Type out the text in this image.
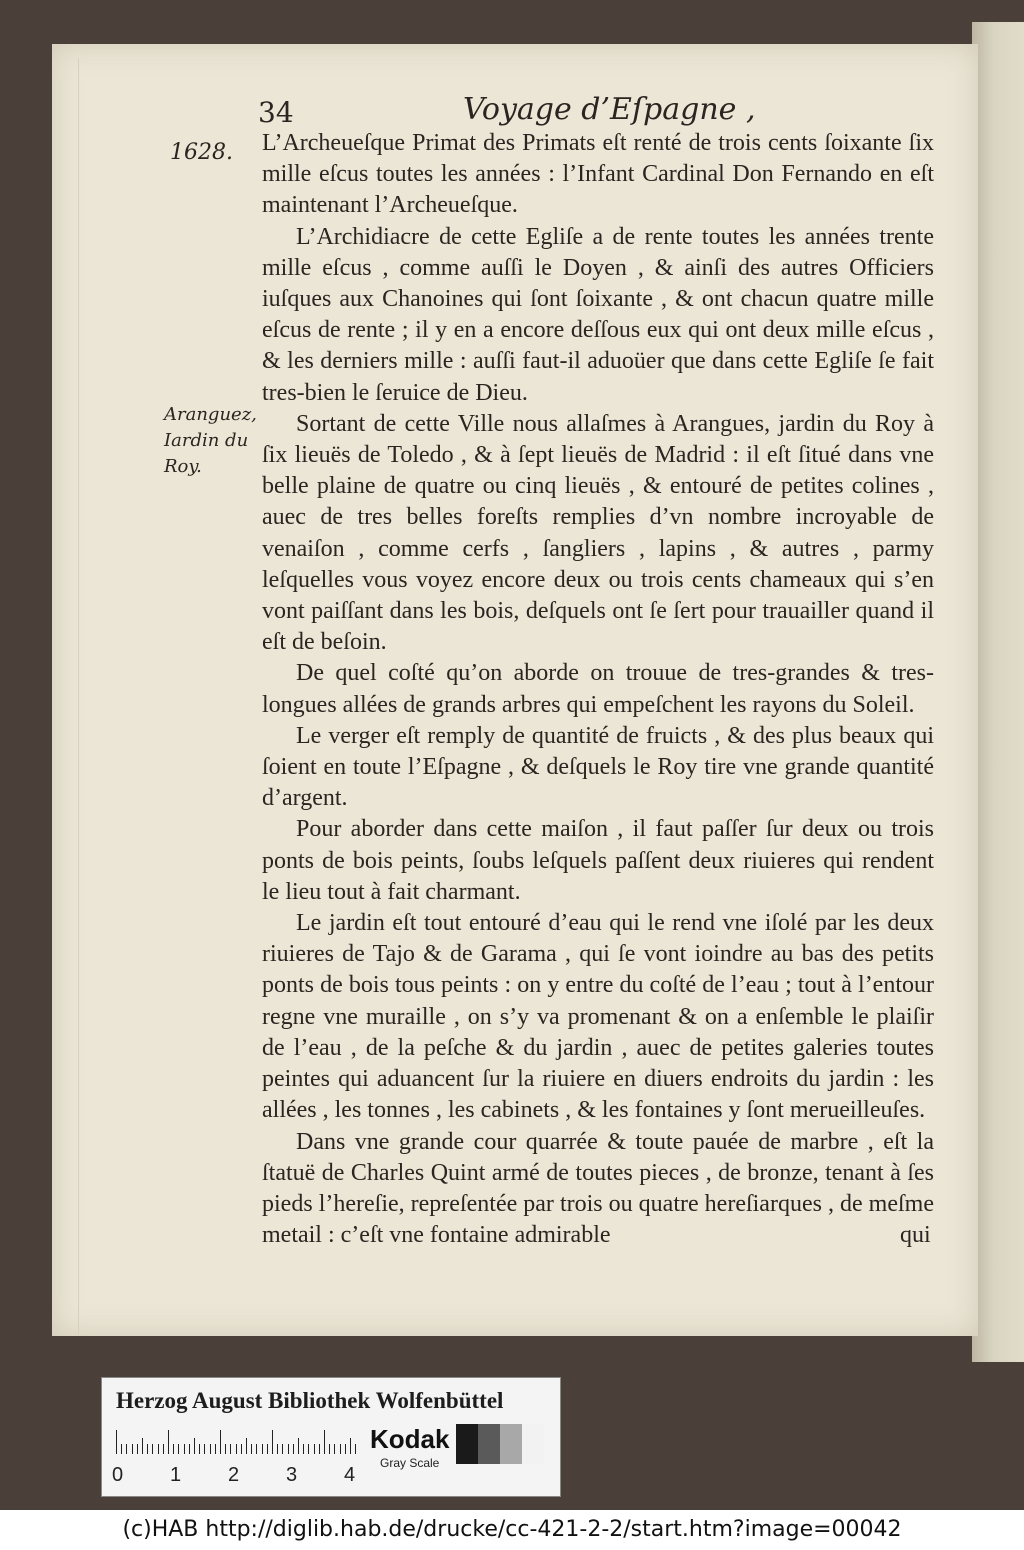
34	Voyage d’Eſpagne ,
1628.
Aranguez,
Iardin du
Roy.

L’Archeueſque Primat des Primats eſt renté de trois cents ſoixante ſix mille eſcus toutes les années : l’Infant Cardinal Don Fernando en eſt maintenant l’Archeueſque.

L’Archidiacre de cette Egliſe a de rente toutes les années trente mille eſcus , comme auſſi le Doyen , & ainſi des autres Officiers iuſques aux Chanoines qui ſont ſoixante , & ont chacun quatre mille eſcus de rente ; il y en a encore deſſous eux qui ont deux mille eſcus , & les derniers mille : auſſi faut-il aduoüer que dans cette Egliſe ſe fait tres-bien le ſeruice de Dieu.

Sortant de cette Ville nous allaſmes à Arangues, jardin du Roy à ſix lieuës de Toledo , & à ſept lieuës de Madrid : il eſt ſitué dans vne belle plaine de quatre ou cinq lieuës , & entouré de petites colines , auec de tres belles foreſts remplies d’vn nombre incroyable de venaiſon , comme cerfs , ſangliers , lapins , & autres , parmy leſquelles vous voyez encore deux ou trois cents chameaux qui s’en vont paiſſant dans les bois, deſquels ont ſe ſert pour trauailler quand il eſt de beſoin.

De quel coſté qu’on aborde on trouue de tres-grandes & tres-longues allées de grands arbres qui empeſchent les rayons du Soleil.

Le verger eſt remply de quantité de fruicts , & des plus beaux qui ſoient en toute l’Eſpagne , & deſquels le Roy tire vne grande quantité d’argent.

Pour aborder dans cette maiſon , il faut paſſer ſur deux ou trois ponts de bois peints, ſoubs leſquels paſſent deux riuieres qui rendent le lieu tout à fait charmant.

Le jardin eſt tout entouré d’eau qui le rend vne iſolé par les deux riuieres de Tajo & de Garama , qui ſe vont ioindre au bas des petits ponts de bois tous peints : on y entre du coſté de l’eau ; tout à l’entour regne vne muraille , on s’y va promenant & on a enſemble le plaiſir de l’eau , de la peſche & du jardin , auec de petites galeries toutes peintes qui aduancent ſur la riuiere en diuers endroits du jardin : les allées , les tonnes , les cabinets , & les fontaines y ſont merueilleuſes.

Dans vne grande cour quarrée & toute pauée de marbre , eſt la ſtatuë de Charles Quint armé de toutes pieces , de bronze, tenant à ſes pieds l’hereſie, repreſentée par trois ou quatre hereſiarques , de meſme metail : c’eſt vne fontaine admirable	qui
Herzog August Bibliothek Wolfenbüttel
0 1 2 3 4
Kodak
Gray Scale
(c)HAB http://diglib.hab.de/drucke/cc-421-2-2/start.htm?image=00042
